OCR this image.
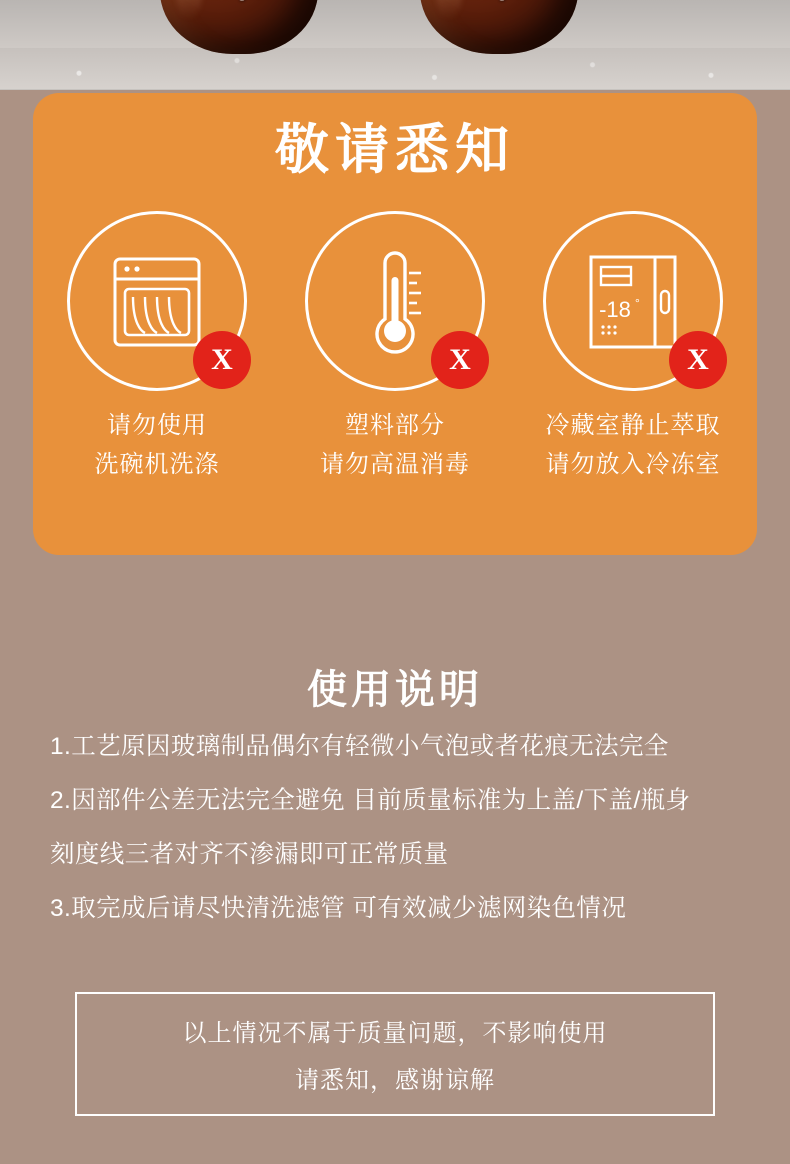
敬请悉知
X
请勿使用
洗碗机洗涤
X
塑料部分
请勿高温消毒
-18 °
X
冷藏室静止萃取
请勿放入冷冻室
使用说明

1.工艺原因玻璃制品偶尔有轻微小气泡或者花痕无法完全

2.因部件公差无法完全避免 目前质量标准为上盖/下盖/瓶身

刻度线三者对齐不渗漏即可正常质量

3.取完成后请尽快清洗滤管 可有效减少滤网染色情况

以上情况不属于质量问题，不影响使用
请悉知，感谢谅解
